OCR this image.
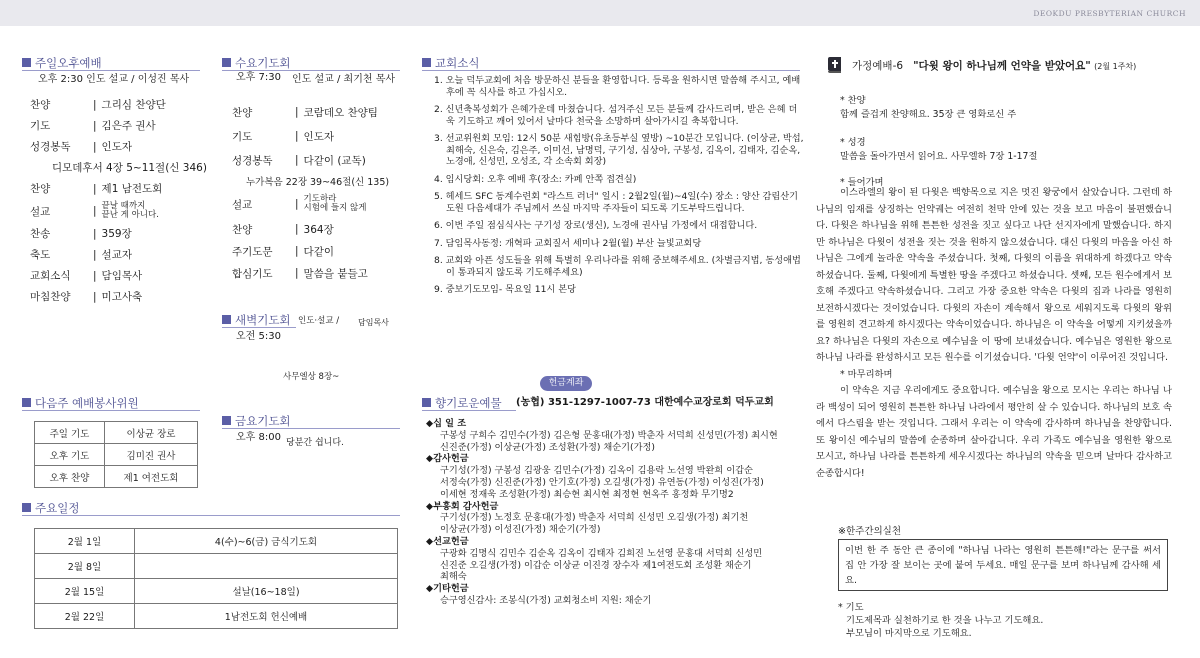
DEOKDU PRESBYTERIAN CHURCH
주일오후예배
오후 2:30 인도 설교 / 이성진 목사
찬양	| 그리심 찬양단
기도	| 김은주 권사
성경봉독	| 인도자
디모데후서 4장 5~11절(신 346)
찬양	| 제1 남전도회
설교	| 끝날 때까지
끝난 게 아니다.
찬송	| 359장
축도	| 설교자
교회소식	| 담임목사
마침찬양	| 미고사축
다음주 예배봉사위원
주일 기도	이상균 장로
오후 기도	김미진 권사
오후 찬양	제1 여전도회
주요일정
2월 1일	4(수)~6(금) 금식기도회
2월 8일	
2월 15일	설날(16~18일)
2월 22일	1남전도회 헌신예배
수요기도회
오후 7:30 인도 설교 / 최기천 목사
찬양	| 코람데오 찬양팀
기도	| 인도자
성경봉독	| 다같이 (교독)
누가복음 22장 39~46절(신 135)
설교	| 기도하라
시험에 들지 않게
찬양	| 364장
주기도문	| 다같이
합심기도	| 말씀을 붙들고
새벽기도회 인도·설교 / 담임목사
오전 5:30
사무엘상 8장~
금요기도회
오후 8:00 당분간 쉽니다.
교회소식

1. 오늘 덕두교회에 처음 방문하신 분들을 환영합니다. 등록을 원하시면 말씀해 주시고, 예배 후에 꼭 식사를 하고 가십시오.

2. 신년축복성회가 은혜가운데 마쳤습니다. 섬겨주신 모든 분들께 감사드리며, 받은 은혜 더욱 기도하고 깨어 있어서 날마다 천국을 소망하며 살아가시길 축복합니다.

3. 선교위원회 모임: 12시 50분 새힘방(유초등부실 옆방) ~10분간 모입니다. (이상균, 박섭, 최해숙, 신은숙, 김은주, 이미선, 남명덕, 구기성, 심상아, 구봉성, 김옥이, 김태자, 김순옥, 노경애, 신성민, 오성조, 각 소속회 회장)

4. 임시당회: 오후 예배 후(장소: 카페 안쪽 접견실)

5. 헤세드 SFC 동계수련회 "라스트 러너" 일시 : 2월2일(월)~4일(수) 장소 : 양산 감림산기도원 다음세대가 주님께서 쓰실 마지막 주자들이 되도록 기도부탁드립니다.

6. 이번 주일 점심식사는 구기성 장로(생신), 노경애 권사님 가정에서 대접합니다.

7. 담임목사동정: 개혁파 교회질서 세미나 2월(월) 부산 늘빛교회당

8. 교회와 아픈 성도들을 위해 특별히 우리나라를 위해 중보해주세요. (차별금지법, 동성애법이 통과되지 않도록 기도해주세요)

9. 중보기도모임- 목요일 11시 본당

헌금계좌
향기로운예물 (농협) 351-1297-1007-73 대한예수교장로회 덕두교회

◆십 일 조

구봉성 구희수 김민수(가정) 김은형 문홍대(가정) 박춘자 서덕희 신성민(가정) 최시현

신진준(가정) 이상균(가정) 조성환(가정) 채순기(가정)

◆감사헌금

구기성(가정) 구봉성 김광웅 김민수(가정) 김옥이 김용락 노선영 박완희 이갑순

서정숙(가정) 신진준(가정) 안기호(가정) 오길생(가정) 유연동(가정) 이성진(가정)

이세현 정재욱 조성환(가정) 최승현 최시현 최정현 현옥주 홍정화 무기명2

◆부흥회 감사헌금

구기성(가정) 노정호 문홍대(가정) 박춘자 서덕희 신성민 오길생(가정) 최기천

이상균(가정) 이성진(가정) 채순기(가정)

◆선교헌금

구광화 김명식 김민수 김순옥 김옥이 김태자 김희진 노선영 문홍대 서덕희 신성민

신진준 오길생(가정) 이갑순 이상균 이진경 장수자 제1여전도회 조성환 채순기

최해숙

◆기타헌금

승구영신감사: 조봉식(가정) 교회청소비 지원: 채순기

가정예배-6 "다윗 왕이 하나님께 언약을 받았어요" (2월 1주차)
* 찬양
함께 즐겁게 찬양해요. 35장 큰 영화로신 주
* 성경
말씀을 돌아가면서 읽어요. 사무엘하 7장 1-17절
* 들어가며

이스라엘의 왕이 된 다윗은 백향목으로 지은 멋진 왕궁에서 살았습니다. 그런데 하나님의 임재를 상징하는 언약궤는 여전히 천막 안에 있는 것을 보고 마음이 불편했습니다. 다윗은 하나님을 위해 튼튼한 성전을 짓고 싶다고 나단 선지자에게 말했습니다. 하지만 하나님은 다윗이 성전을 짓는 것을 원하지 않으셨습니다. 대신 다윗의 마음을 아신 하나님은 그에게 놀라운 약속을 주셨습니다. 첫째, 다윗의 이름을 위대하게 하겠다고 약속하셨습니다. 둘째, 다윗에게 특별한 땅을 주겠다고 하셨습니다. 셋째, 모든 원수에게서 보호해 주겠다고 약속하셨습니다. 그리고 가장 중요한 약속은 다윗의 집과 나라를 영원히 보전하시겠다는 것이었습니다. 다윗의 자손이 계속해서 왕으로 세워지도록 다윗의 왕위를 영원히 견고하게 하시겠다는 약속이었습니다. 하나님은 이 약속을 어떻게 지키셨을까요? 하나님은 다윗의 자손으로 예수님을 이 땅에 보내셨습니다. 예수님은 영원한 왕으로 하나님 나라를 완성하시고 모든 원수를 이기셨습니다. '다윗 언약'이 이루어진 것입니다.

* 마무리하며

이 약속은 지금 우리에게도 중요합니다. 예수님을 왕으로 모시는 우리는 하나님 나라 백성이 되어 영원히 튼튼한 하나님 나라에서 평안히 살 수 있습니다. 하나님의 보호 속에서 다스림을 받는 것입니다. 그래서 우리는 이 약속에 감사하며 하나님을 찬양합니다. 또 왕이신 예수님의 말씀에 순종하며 살아갑니다. 우리 가족도 예수님을 영원한 왕으로 모시고, 하나님 나라를 튼튼하게 세우시겠다는 하나님의 약속을 믿으며 날마다 감사하고 순종합시다!

※한주간의실천

이번 한 주 동안 큰 종이에 "하나님 나라는 영원히 튼튼해!"라는 문구를 써서 집 안 가장 잘 보이는 곳에 붙여 두세요. 매일 문구를 보며 하나님께 감사해 세요.

* 기도
기도제목과 실천하기로 한 것을 나누고 기도해요.
부모님이 마지막으로 기도해요.
